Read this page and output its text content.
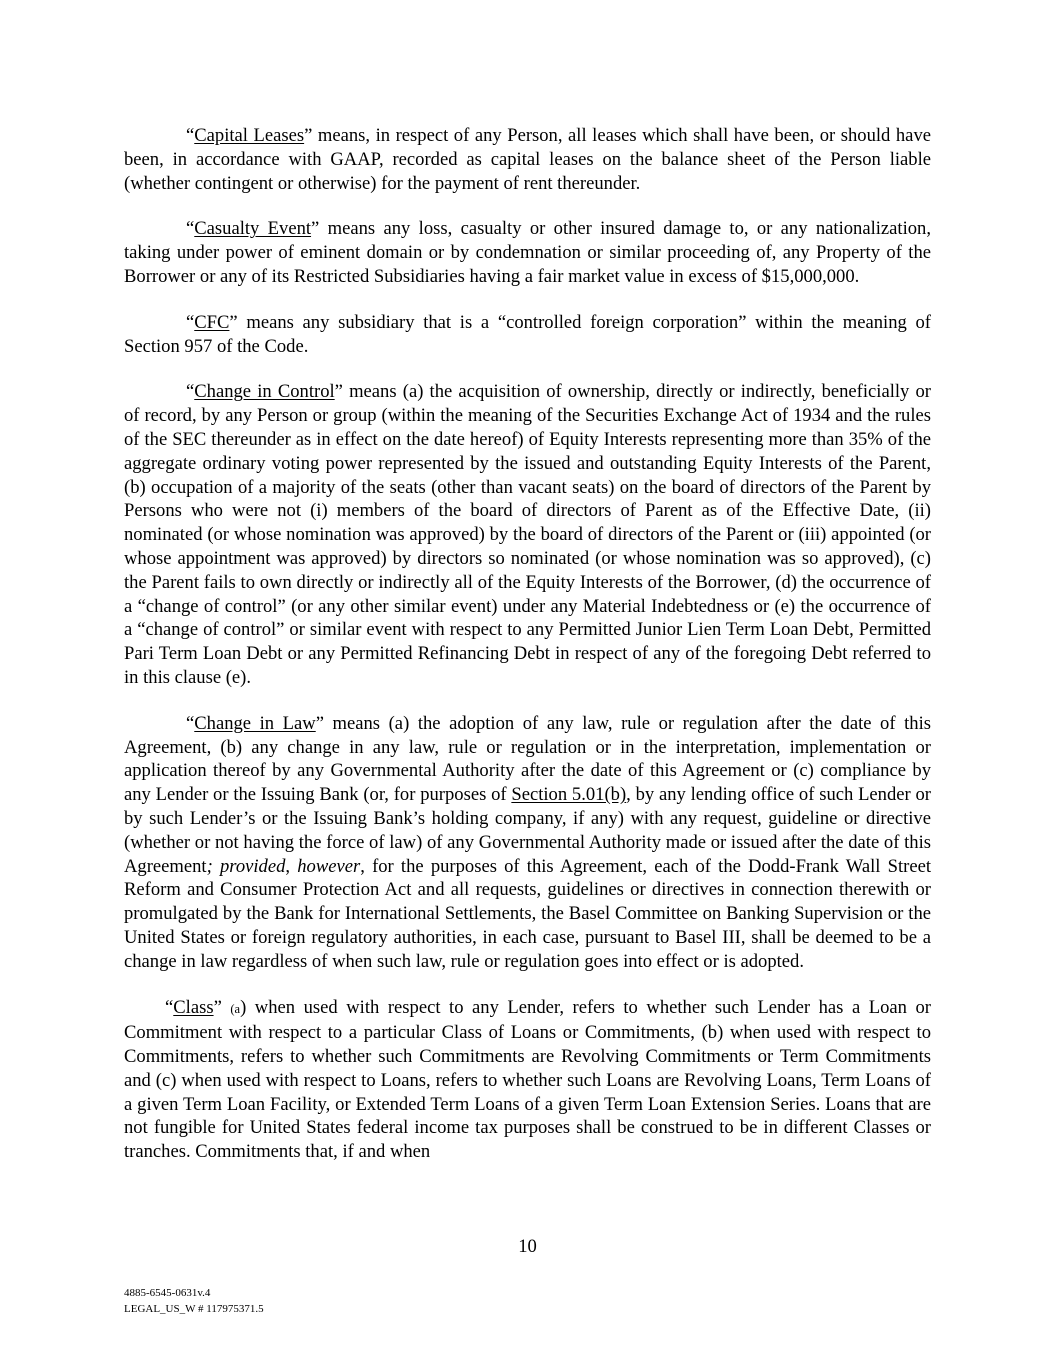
“Capital Leases” means, in respect of any Person, all leases which shall have been, or should have been, in accordance with GAAP, recorded as capital leases on the balance sheet of the Person liable (whether contingent or otherwise) for the payment of rent thereunder.

“Casualty Event” means any loss, casualty or other insured damage to, or any nationalization, taking under power of eminent domain or by condemnation or similar proceeding of, any Property of the Borrower or any of its Restricted Subsidiaries having a fair market value in excess of $15,000,000.

“CFC” means any subsidiary that is a “controlled foreign corporation” within the meaning of Section 957 of the Code.

“Change in Control” means (a) the acquisition of ownership, directly or indirectly, beneficially or of record, by any Person or group (within the meaning of the Securities Exchange Act of 1934 and the rules of the SEC thereunder as in effect on the date hereof) of Equity Interests representing more than 35% of the aggregate ordinary voting power represented by the issued and outstanding Equity Interests of the Parent, (b) occupation of a majority of the seats (other than vacant seats) on the board of directors of the Parent by Persons who were not (i) members of the board of directors of Parent as of the Effective Date, (ii) nominated (or whose nomination was approved) by the board of directors of the Parent or (iii) appointed (or whose appointment was approved) by directors so nominated (or whose nomination was so approved), (c) the Parent fails to own directly or indirectly all of the Equity Interests of the Borrower, (d) the occurrence of a “change of control” (or any other similar event) under any Material Indebtedness or (e) the occurrence of a “change of control” or similar event with respect to any Permitted Junior Lien Term Loan Debt, Permitted Pari Term Loan Debt or any Permitted Refinancing Debt in respect of any of the foregoing Debt referred to in this clause (e).

“Change in Law” means (a) the adoption of any law, rule or regulation after the date of this Agreement, (b) any change in any law, rule or regulation or in the interpretation, implementation or application thereof by any Governmental Authority after the date of this Agreement or (c) compliance by any Lender or the Issuing Bank (or, for purposes of Section 5.01(b), by any lending office of such Lender or by such Lender’s or the Issuing Bank’s holding company, if any) with any request, guideline or directive (whether or not having the force of law) of any Governmental Authority made or issued after the date of this Agreement; provided, however, for the purposes of this Agreement, each of the Dodd-Frank Wall Street Reform and Consumer Protection Act and all requests, guidelines or directives in connection therewith or promulgated by the Bank for International Settlements, the Basel Committee on Banking Supervision or the United States or foreign regulatory authorities, in each case, pursuant to Basel III, shall be deemed to be a change in law regardless of when such law, rule or regulation goes into effect or is adopted.

“Class” (a) when used with respect to any Lender, refers to whether such Lender has a Loan or Commitment with respect to a particular Class of Loans or Commitments, (b) when used with respect to Commitments, refers to whether such Commitments are Revolving Commitments or Term Commitments and (c) when used with respect to Loans, refers to whether such Loans are Revolving Loans, Term Loans of a given Term Loan Facility, or Extended Term Loans of a given Term Loan Extension Series. Loans that are not fungible for United States federal income tax purposes shall be construed to be in different Classes or tranches. Commitments that, if and when

10
4885-6545-0631v.4
LEGAL_US_W # 117975371.5
